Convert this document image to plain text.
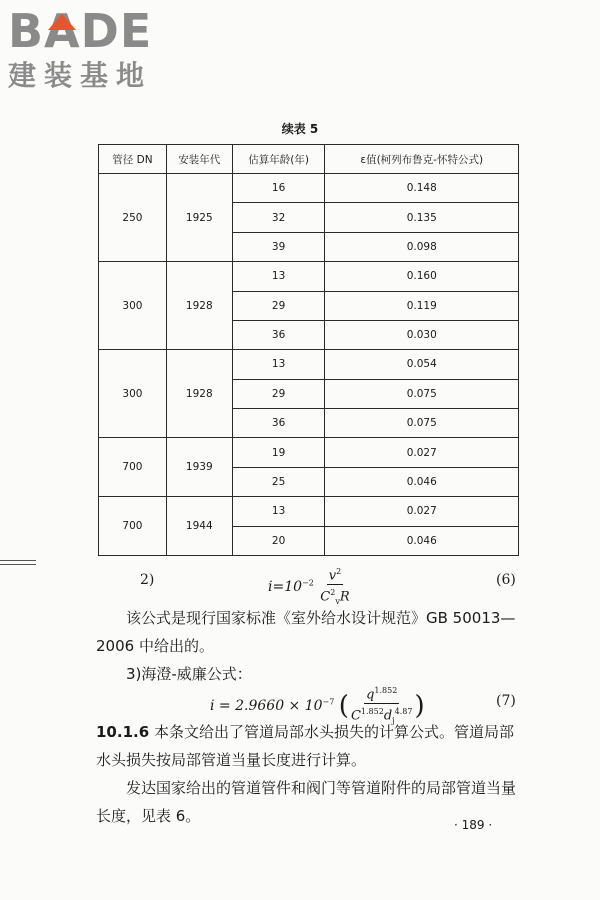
BADE
建装基地
续表 5
管径 DN	安装年代	估算年龄(年)	ε值(柯列布鲁克-怀特公式)
250	1925	16	0.148
		32	0.135
		39	0.098
300	1928	13	0.160
		29	0.119
		36	0.030
300	1928	13	0.054
		29	0.075
		36	0.075
700	1939	19	0.027
		25	0.046
700	1944	13	0.027
		20	0.046
2)	$i=10^{-2} \frac{v^2}{C^2_vR}$	(6)
该公式是现行国家标准《室外给水设计规范》GB 50013—2006 中给出的。
3)海澄-威廉公式：
$i = 2.9660 \times 10^{-7}$ ( $\frac{q^{1.852}}{C^{1.852}d_j^{4.87}}$ )	(7)
10.1.6 本条文给出了管道局部水头损失的计算公式。管道局部水头损失按局部管道当量长度进行计算。
发达国家给出的管道管件和阀门等管道附件的局部管道当量长度，见表 6。	· 189 ·
